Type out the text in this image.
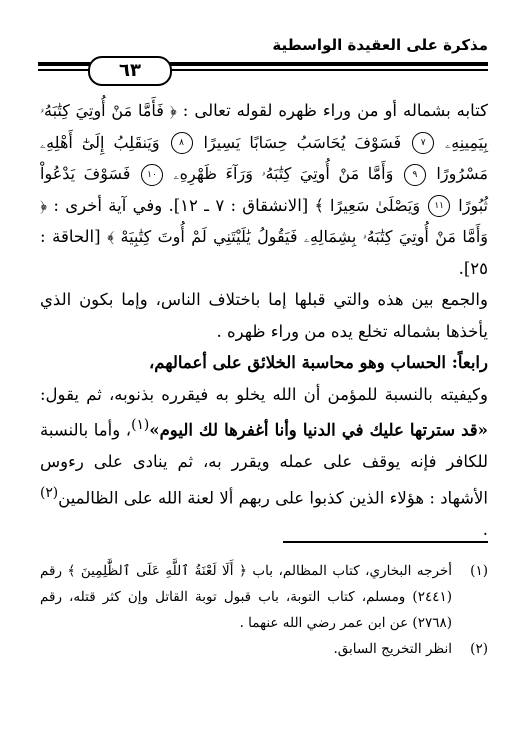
مذكرة على العقيدة الواسطية
٦٣

كتابه بشماله أو من وراء ظهره لقوله تعالى : ﴿ فَأَمَّا مَنْ أُوتِيَ كِتَٰبَهُۥ بِيَمِينِهِۦ ٧ فَسَوْفَ يُحَاسَبُ حِسَابًا يَسِيرًا ٨ وَيَنقَلِبُ إِلَىٰٓ أَهْلِهِۦ مَسْرُورًا ٩ وَأَمَّا مَنْ أُوتِيَ كِتَٰبَهُۥ وَرَآءَ ظَهْرِهِۦ ١٠ فَسَوْفَ يَدْعُواْ ثُبُورًا ١١ وَيَصْلَىٰ سَعِيرًا ﴾ [الانشقاق : ٧ ـ ١٢]. وفي آية أخرى : ﴿ وَأَمَّا مَنْ أُوتِيَ كِتَٰبَهُۥ بِشِمَالِهِۦ فَيَقُولُ يَٰلَيْتَنِي لَمْ أُوتَ كِتَٰبِيَهْ ﴾ [الحاقة : ٢٥].

والجمع بين هذه والتي قبلها إما باختلاف الناس، وإما بكون الذي يأخذها بشماله تخلع يده من وراء ظهره .

رابعاً: الحساب وهو محاسبة الخلائق على أعمالهم،

وكيفيته بالنسبة للمؤمن أن الله يخلو به فيقرره بذنوبه، ثم يقول: «قد سترتها عليك في الدنيا وأنا أغفرها لك اليوم»$^{(١)}$، وأما بالنسبة للكافر فإنه يوقف على عمله ويقرر به، ثم ينادى على رءوس الأشهاد : هؤلاء الذين كذبوا على ربهم ألا لعنة الله على الظالمين$^{(٢)}$ .

(١)
أخرجه البخاري، كتاب المظالم، باب ﴿ أَلَا لَعْنَةُ ٱللَّهِ عَلَى ٱلظَّٰلِمِينَ ﴾ رقم (٢٤٤١) ومسلم، كتاب التوبة، باب قبول توبة القاتل وإن كثر قتله، رقم (٢٧٦٨) عن ابن عمر رضي الله عنهما .
(٢)
انظر التخريج السابق.
